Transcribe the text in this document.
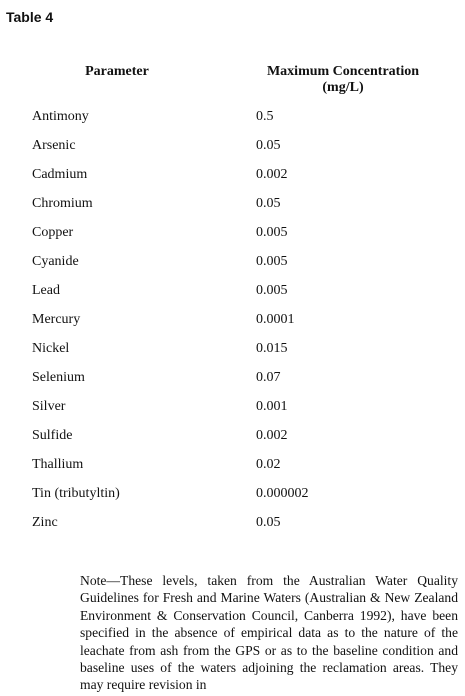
Table 4
Parameter	Maximum Concentration
(mg/L)
Antimony	0.5
Arsenic	0.05
Cadmium	0.002
Chromium	0.05
Copper	0.005
Cyanide	0.005
Lead	0.005
Mercury	0.0001
Nickel	0.015
Selenium	0.07
Silver	0.001
Sulfide	0.002
Thallium	0.02
Tin (tributyltin)	0.000002
Zinc	0.05
Note—These levels, taken from the Australian Water Quality Guidelines for Fresh and Marine Waters (Australian & New Zealand Environment & Conservation Council, Canberra 1992), have been specified in the absence of empirical data as to the nature of the leachate from ash from the GPS or as to the baseline condition and baseline uses of the waters adjoining the reclamation areas. They may require revision in
